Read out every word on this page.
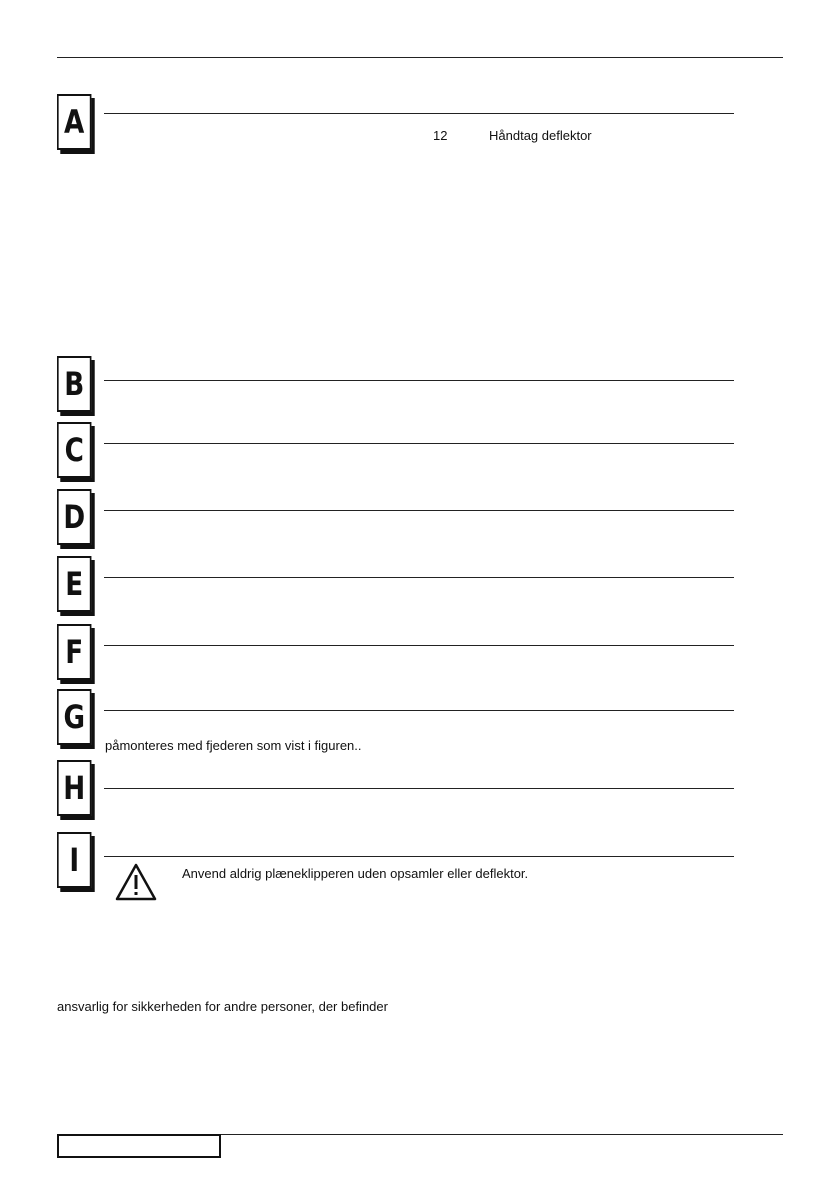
A	12	Håndtag deflektor
B
C
D
E
F
G
påmonteres med fjederen som vist i figuren..
H
I	Anvend aldrig plæneklipperen uden opsamler eller deflektor.
ansvarlig for sikkerheden for andre personer, der befinder
